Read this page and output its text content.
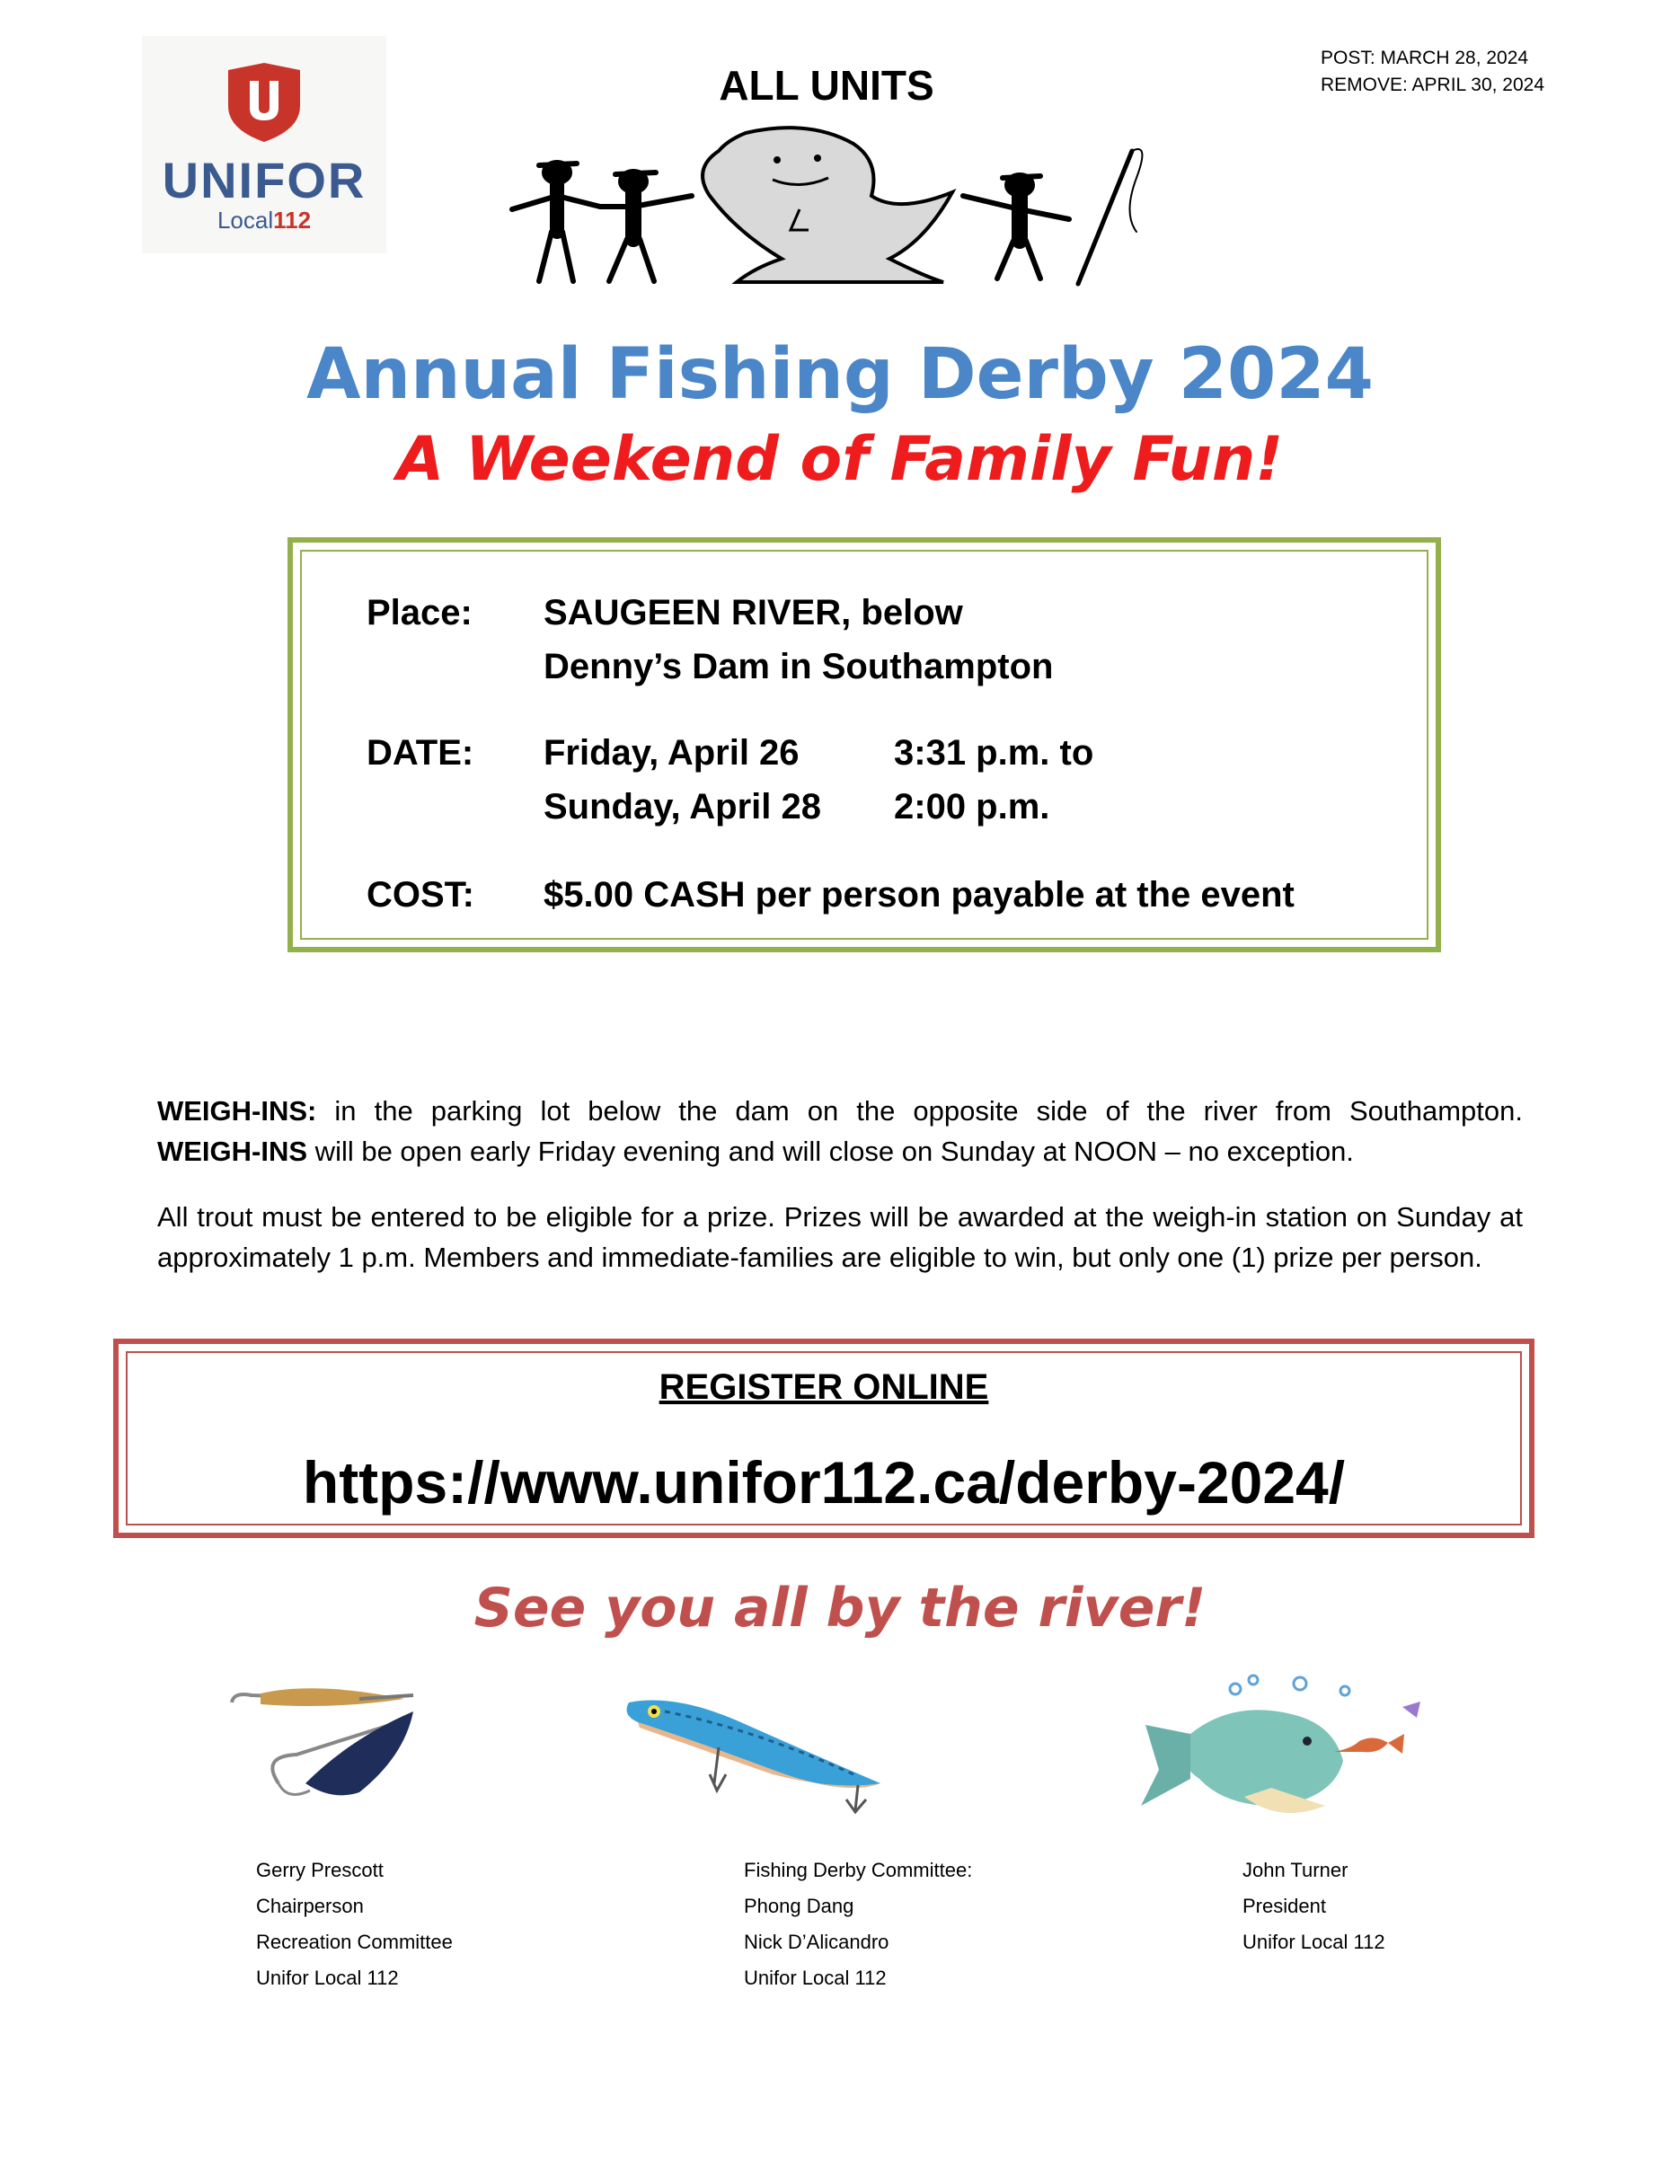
UNIFOR
Local112
ALL UNITS
POST: MARCH 28, 2024
REMOVE: APRIL 30, 2024
Annual Fishing Derby 2024
A Weekend of Family Fun!
Place: SAUGEEN RIVER, below
Denny’s Dam in Southampton
DATE: Friday, April 26	3:31 p.m. to
Sunday, April 28 2:00 p.m.
COST: $5.00 CASH per person payable at the event
WEIGH-INS: in the parking lot below the dam on the opposite side of the river from Southampton.
WEIGH-INS will be open early Friday evening and will close on Sunday at NOON – no exception.
All trout must be entered to be eligible for a prize. Prizes will be awarded at the weigh-in station on Sunday at approximately 1 p.m. Members and immediate-families are eligible to win, but only one (1) prize per person.
REGISTER ONLINE
https://www.unifor112.ca/derby-2024/
See you all by the river!
Gerry Prescott
Chairperson
Recreation Committee
Unifor Local 112
Fishing Derby Committee:
Phong Dang
Nick D’Alicandro
Unifor Local 112
John Turner
President
Unifor Local 112
